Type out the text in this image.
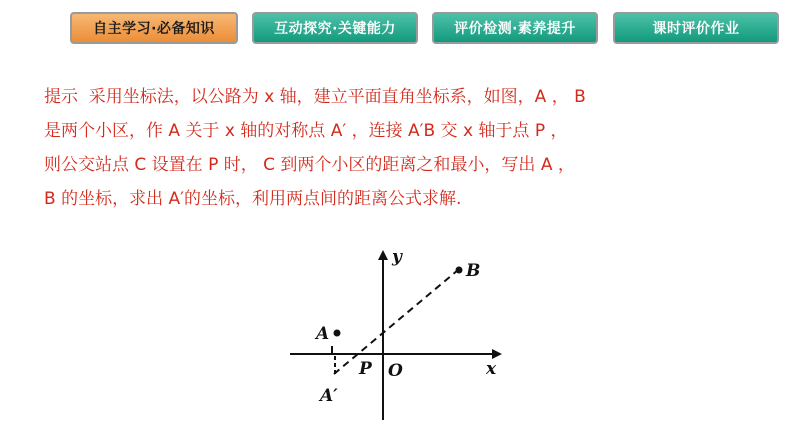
自主学习·必备知识	互动探究·关键能力	评价检测·素养提升	课时评价作业
提示  采用坐标法，以公路为 x 轴，建立平面直角坐标系，如图，A ， B
是两个小区，作 A 关于 x 轴的对称点 A′ ，连接 A′B 交 x 轴于点 P ，
则公交站点 C 设置在 P 时， C 到两个小区的距离之和最小，写出 A ，
B 的坐标，求出 A′的坐标，利用两点间的距离公式求解.
y
x
O
A
B
A′
P
